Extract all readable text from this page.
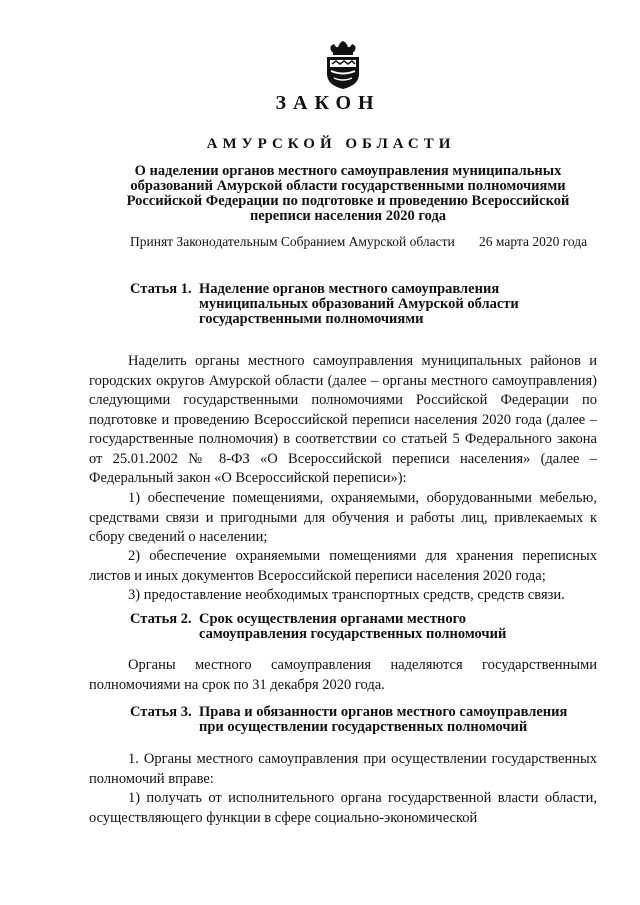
ЗАКОН
АМУРСКОЙ ОБЛАСТИ
О наделении органов местного самоуправления муниципальных образований Амурской области государственными полномочиями Российской Федерации по подготовке и проведению Всероссийской переписи населения 2020 года
Принят Законодательным Собранием Амурской области 26 марта 2020 года
Статья 1. Наделение органов местного самоуправления
муниципальных образований Амурской области
государственными полномочиями
Наделить органы местного самоуправления муниципальных районов и городских округов Амурской области (далее – органы местного самоуправления) следующими государственными полномочиями Российской Федерации по подготовке и проведению Всероссийской переписи населения 2020 года (далее – государственные полномочия) в соответствии со статьей 5 Федерального закона от 25.01.2002 № 8-ФЗ «О Всероссийской переписи населения» (далее – Федеральный закон «О Всероссийской переписи»):
1) обеспечение помещениями, охраняемыми, оборудованными мебелью, средствами связи и пригодными для обучения и работы лиц, привлекаемых к сбору сведений о населении;
2) обеспечение охраняемыми помещениями для хранения переписных листов и иных документов Всероссийской переписи населения 2020 года;
3) предоставление необходимых транспортных средств, средств связи.
Статья 2. Срок осуществления органами местного
самоуправления государственных полномочий
Органы местного самоуправления наделяются государственными полномочиями на срок по 31 декабря 2020 года.
Статья 3. Права и обязанности органов местного самоуправления
при осуществлении государственных полномочий
1. Органы местного самоуправления при осуществлении государственных полномочий вправе:
1) получать от исполнительного органа государственной власти области, осуществляющего функции в сфере социально-экономической
